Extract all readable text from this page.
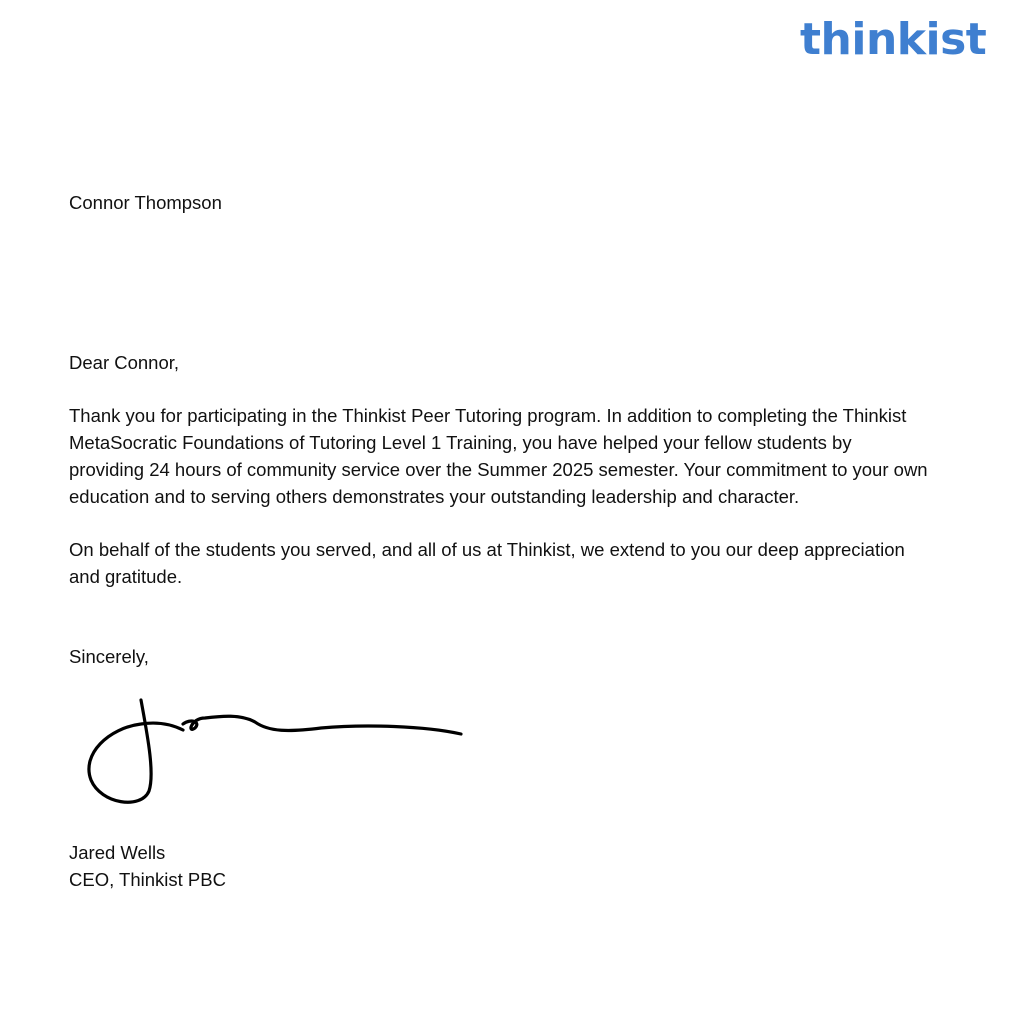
thinkist

Connor Thompson

Dear Connor,

Thank you for participating in the Thinkist Peer Tutoring program. In addition to completing the Thinkist MetaSocratic Foundations of Tutoring Level 1 Training, you have helped your fellow students by providing 24 hours of community service over the Summer 2025 semester. Your commitment to your own education and to serving others demonstrates your outstanding leadership and character.

On behalf of the students you served, and all of us at Thinkist, we extend to you our deep appreciation and gratitude.

Sincerely,

Jared Wells

CEO, Thinkist PBC
